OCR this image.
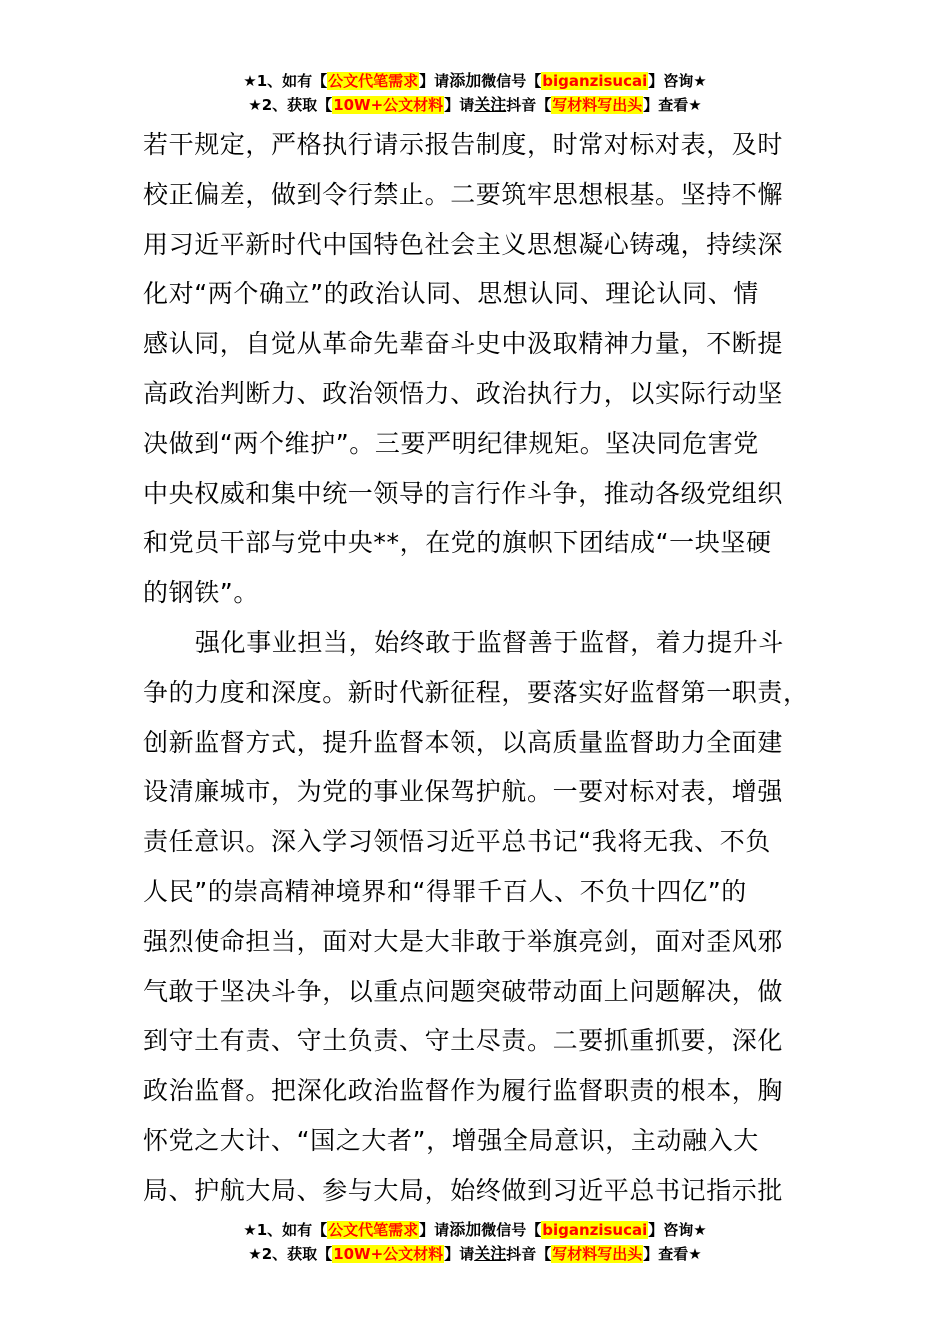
★1、如有【公文代笔需求】请添加微信号【biganzisucai】咨询★
★2、获取【10W+公文材料】请关注抖音【写材料写出头】查看★
若干规定，严格执行请示报告制度，时常对标对表，及时
校正偏差，做到令行禁止。二要筑牢思想根基。坚持不懈
用习近平新时代中国特色社会主义思想凝心铸魂，持续深
化对“两个确立”的政治认同、思想认同、理论认同、情
感认同，自觉从革命先辈奋斗史中汲取精神力量，不断提
高政治判断力、政治领悟力、政治执行力，以实际行动坚
决做到“两个维护”。三要严明纪律规矩。坚决同危害党
中央权威和集中统一领导的言行作斗争，推动各级党组织
和党员干部与党中央**，在党的旗帜下团结成“一块坚硬
的钢铁”。
强化事业担当，始终敢于监督善于监督，着力提升斗
争的力度和深度。新时代新征程，要落实好监督第一职责，
创新监督方式，提升监督本领，以高质量监督助力全面建
设清廉城市，为党的事业保驾护航。一要对标对表，增强
责任意识。深入学习领悟习近平总书记“我将无我、不负
人民”的崇高精神境界和“得罪千百人、不负十四亿”的
强烈使命担当，面对大是大非敢于举旗亮剑，面对歪风邪
气敢于坚决斗争，以重点问题突破带动面上问题解决，做
到守土有责、守土负责、守土尽责。二要抓重抓要，深化
政治监督。把深化政治监督作为履行监督职责的根本，胸
怀党之大计、“国之大者”，增强全局意识，主动融入大
局、护航大局、参与大局，始终做到习近平总书记指示批
★1、如有【公文代笔需求】请添加微信号【biganzisucai】咨询★
★2、获取【10W+公文材料】请关注抖音【写材料写出头】查看★
